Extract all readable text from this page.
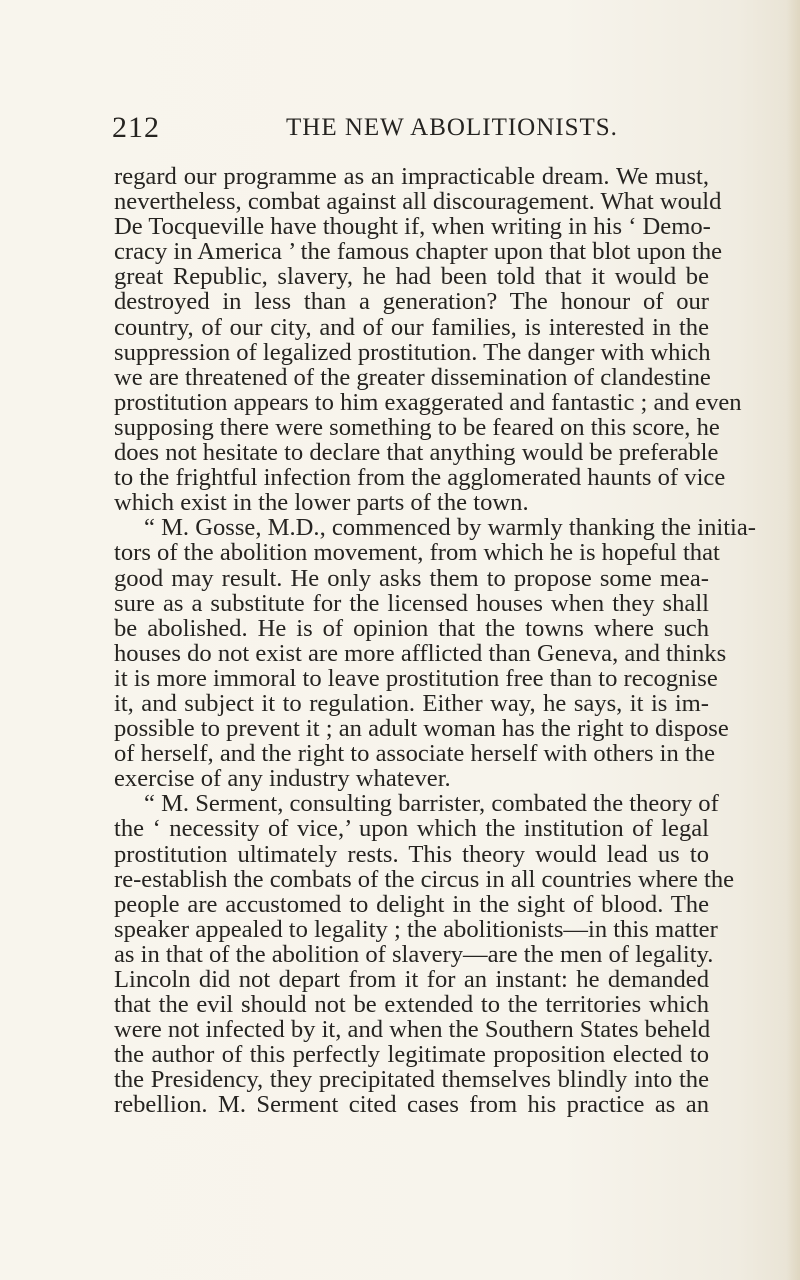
212	THE NEW ABOLITIONISTS.
regard our programme as an impracticable dream. We must,
nevertheless, combat against all discouragement. What would
De Tocqueville have thought if, when writing in his ‘ Demo-
cracy in America ’ the famous chapter upon that blot upon the
great Republic, slavery, he had been told that it would be
destroyed in less than a generation? The honour of our
country, of our city, and of our families, is interested in the
suppression of legalized prostitution. The danger with which
we are threatened of the greater dissemination of clandestine
prostitution appears to him exaggerated and fantastic ; and even
supposing there were something to be feared on this score, he
does not hesitate to declare that anything would be preferable
to the frightful infection from the agglomerated haunts of vice
which exist in the lower parts of the town.
“ M. Gosse, M.D., commenced by warmly thanking the initia-
tors of the abolition movement, from which he is hopeful that
good may result. He only asks them to propose some mea-
sure as a substitute for the licensed houses when they shall
be abolished. He is of opinion that the towns where such
houses do not exist are more afflicted than Geneva, and thinks
it is more immoral to leave prostitution free than to recognise
it, and subject it to regulation. Either way, he says, it is im-
possible to prevent it ; an adult woman has the right to dispose
of herself, and the right to associate herself with others in the
exercise of any industry whatever.
“ M. Serment, consulting barrister, combated the theory of
the ‘ necessity of vice,’ upon which the institution of legal
prostitution ultimately rests. This theory would lead us to
re-establish the combats of the circus in all countries where the
people are accustomed to delight in the sight of blood. The
speaker appealed to legality ; the abolitionists—in this matter
as in that of the abolition of slavery—are the men of legality.
Lincoln did not depart from it for an instant: he demanded
that the evil should not be extended to the territories which
were not infected by it, and when the Southern States beheld
the author of this perfectly legitimate proposition elected to
the Presidency, they precipitated themselves blindly into the
rebellion. M. Serment cited cases from his practice as an
